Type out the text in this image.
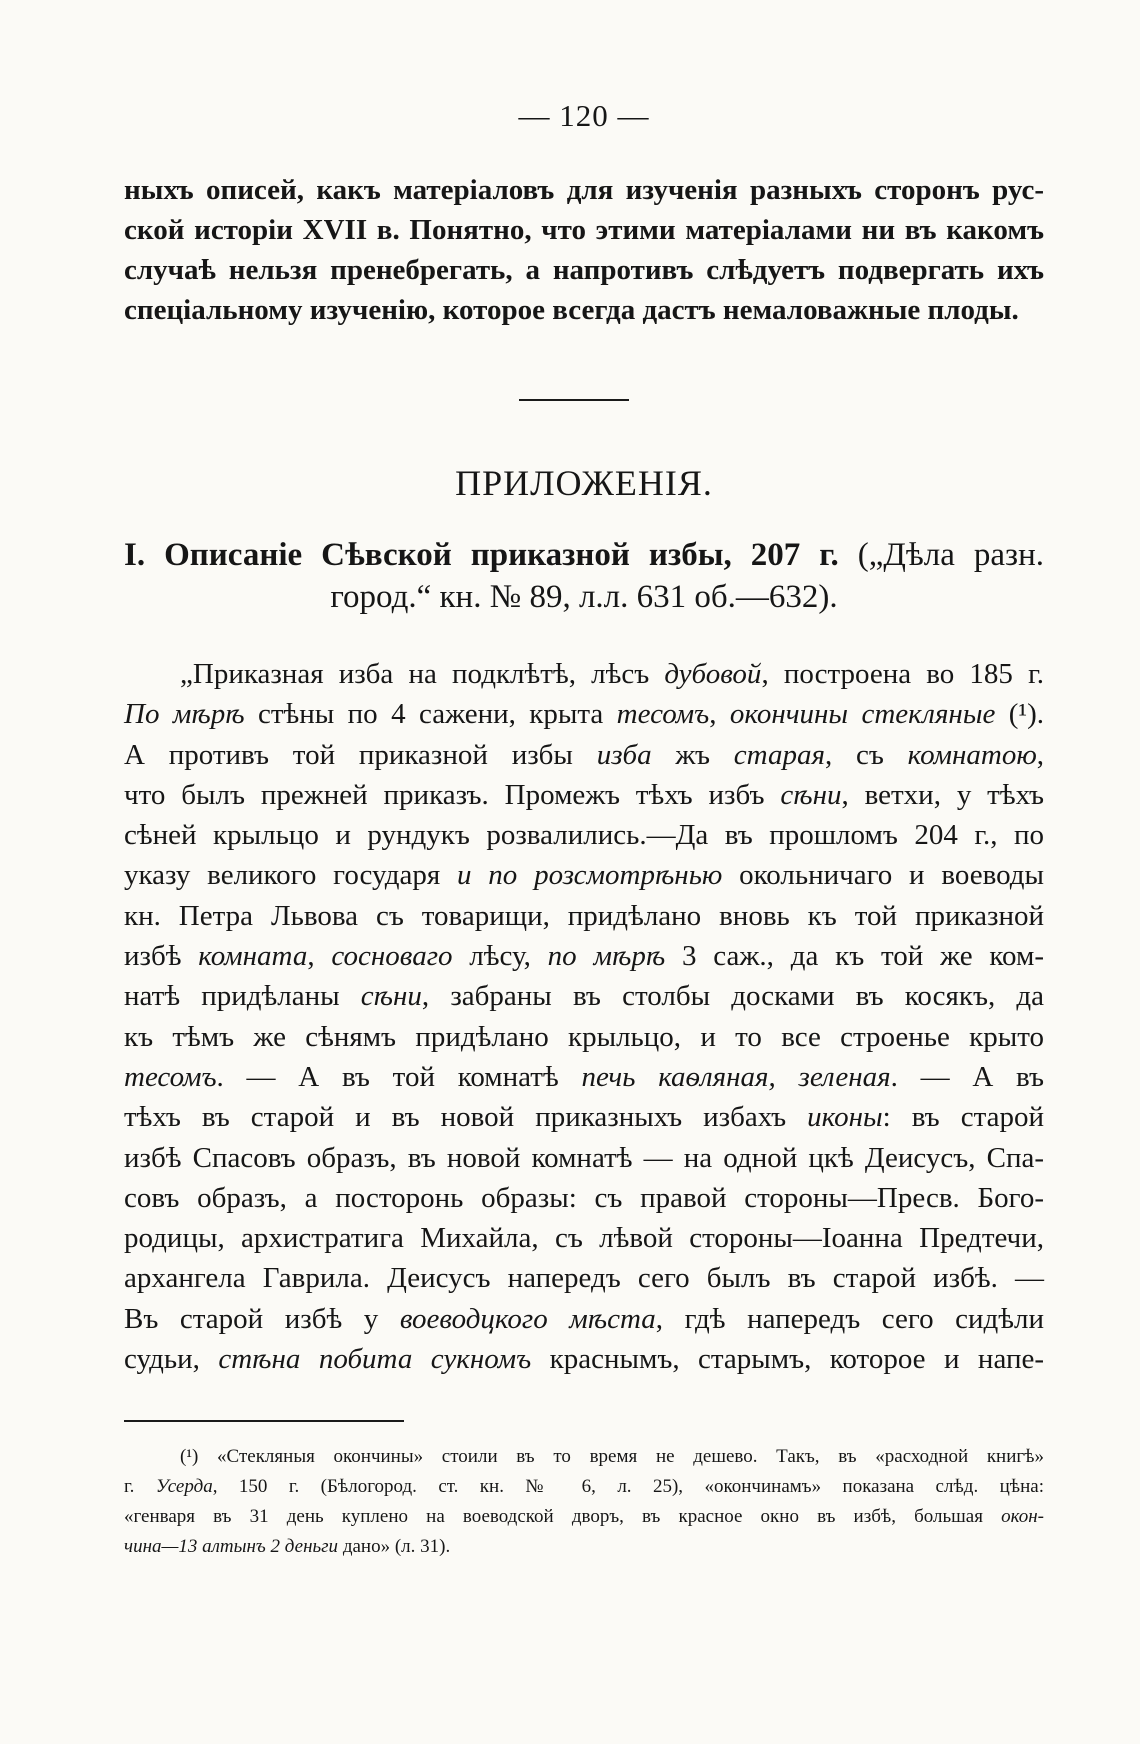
— 120 —

ныхъ описей, какъ матеріаловъ для изученія разныхъ сторонъ рус-

ской исторіи XVII в. Понятно, что этими матеріалами ни въ какомъ

случаѣ нельзя пренебрегать, а напротивъ слѣдуетъ подвергать ихъ

спеціальному изученію, которое всегда дастъ немаловажные плоды.

ПРИЛОЖЕНІЯ.

I. Описаніе Сѣвской приказной избы, 207 г. („Дѣла разн.

город.“ кн. № 89, л.л. 631 об.—632).

„Приказная изба на подклѣтѣ, лѣсъ дубовой, построена во 185 г.

По мѣрѣ стѣны по 4 сажени, крыта тесомъ, окончины стекляные (¹).

А противъ той приказной избы изба жъ старая, съ комнатою,

что былъ прежней приказъ. Промежъ тѣхъ избъ сѣни, ветхи, у тѣхъ

сѣней крыльцо и рундукъ розвалились.—Да въ прошломъ 204 г., по

указу великого государя и по розсмотрѣнью окольничаго и воеводы

кн. Петра Львова съ товарищи, придѣлано вновь къ той приказной

избѣ комната, сосноваго лѣсу, по мѣрѣ 3 саж., да къ той же ком-

натѣ придѣланы сѣни, забраны въ столбы досками въ косякъ, да

къ тѣмъ же сѣнямъ придѣлано крыльцо, и то все строенье крыто

тесомъ. — А въ той комнатѣ печь каѳляная, зеленая. — А въ

тѣхъ въ старой и въ новой приказныхъ избахъ иконы: въ старой

избѣ Спасовъ образъ, въ новой комнатѣ — на одной цкѣ Деисусъ, Спа-

совъ образъ, а посторонь образы: съ правой стороны—Пресв. Бого-

родицы, архистратига Михайла, съ лѣвой стороны—Іоанна Предтечи,

архангела Гаврила. Деисусъ напередъ сего былъ въ старой избѣ. —

Въ старой избѣ у воеводцкого мѣста, гдѣ напередъ сего сидѣли

судьи, стѣна побита сукномъ краснымъ, старымъ, которое и напе-

(¹) «Стекляныя окончины» стоили въ то время не дешево. Такъ, въ «расходной книгѣ»

г. Усерда, 150 г. (Бѣлогород. ст. кн. № 6, л. 25), «окончинамъ» показана слѣд. цѣна:

«генваря въ 31 день куплено на воеводской дворъ, въ красное окно въ избѣ, большая окон-

чина—13 алтынъ 2 деньги дано» (л. 31).
